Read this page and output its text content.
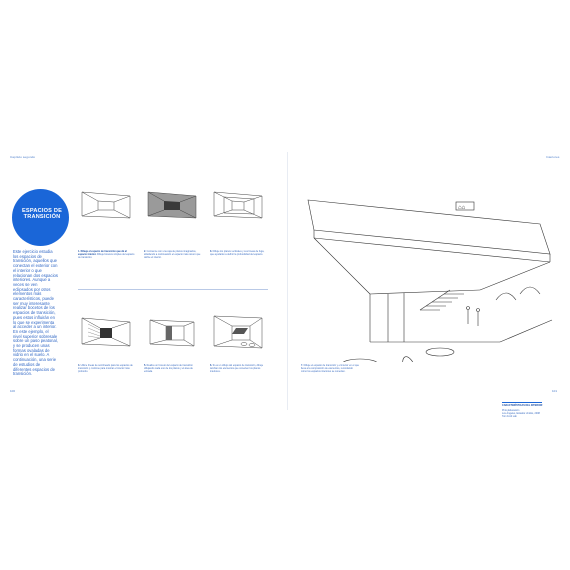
Capítulo segundo	Interiores
ESPACIOS DE
TRANSICIÓN
Este ejercicio estudia los espacios de transición, aquellos que conectan el exterior con el interior o que relacionan dos espacios interiores. Aunque a veces se ven eclipsados por otros elementos más característicos, puede ser muy interesante realizar bocetos de los espacios de transición, pues estos influirán en lo que se experimenta al acceder a un interior. En este ejemplo, el nivel superior sobresale sobre un paso peatonal, y se producen unas formas ovaladas de vidrio en el suelo. A continuación, una serie de estudios de diferentes espacios de transición.
1. Dibuje el espacio de transición que dé al espacio interior. Dibuje bocetos simples del espacio de transición.
2. Comience con una caja de planos imaginarios, añadiendo a continuación el espacio más oscuro que define el interior.
3. Dibuje los planos verticales y sus líneas de fuga, que ayudarán a definir la profundidad del espacio.
4. Utilice líneas de sombreado para los espacios de transición y continúe para mostrar el interior más profundo.
5. Realice un boceto del espacio de transición dibujando cada uno de los planos y el área de entrada.
6. Si es un dibujo del espacio de transición, dibuje también los elementos que conecten los planos interiores.
⌂⌂
7. Dibuje el espacio de transición y el interior en el que lleva a la composición de elementos, recordando cómo los espacios interiores se conectan.
CARACTERÍSTICAS DEL INTERIOR
Pinto Educación
Los Ángeles, Estados Unidos, 2008
Tom Ford Lab
100	101
